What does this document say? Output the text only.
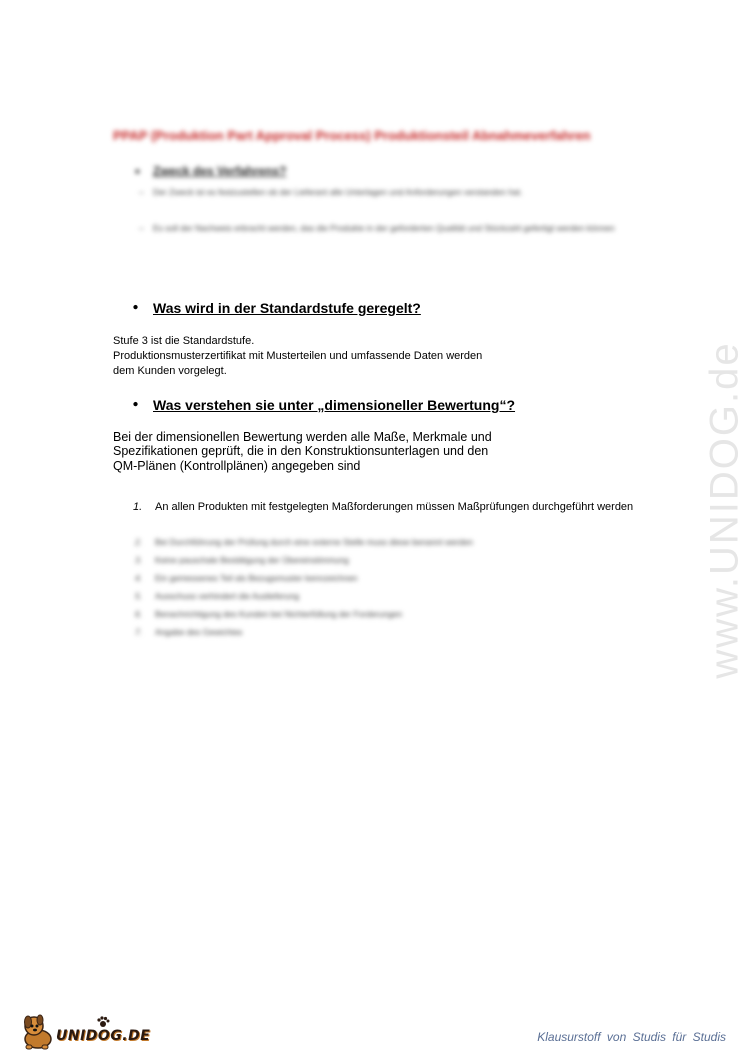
PPAP (Produktion Part Approval Process) Produktionsteil Abnahmeverfahren
• Zweck des Verfahrens?
– Der Zweck ist es festzustellen ob der Lieferant alle Unterlagen und Anforderungen verstanden hat.
– Es soll der Nachweis erbracht werden, das die Produkte in der geforderten Qualität und Stückzahl gefertigt werden können
• Was wird in der Standardstufe geregelt?
Stufe 3 ist die Standardstufe.
Produktionsmusterzertifikat mit Musterteilen und umfassende Daten werden
dem Kunden vorgelegt.
• Was verstehen sie unter „dimensioneller Bewertung“?
Bei der dimensionellen Bewertung werden alle Maße, Merkmale und
Spezifikationen geprüft, die in den Konstruktionsunterlagen und den
QM-Plänen (Kontrollplänen) angegeben sind
1. An allen Produkten mit festgelegten Maßforderungen müssen Maßprüfungen durchgeführt werden
2. Bei Durchführung der Prüfung durch eine externe Stelle muss diese benannt werden
3. Keine pauschale Bestätigung der Übereinstimmung
4. Ein gemessenes Teil als Bezugsmuster kennzeichnen
5. Ausschuss verhindert die Auslieferung
6. Benachrichtigung des Kunden bei Nichterfüllung der Forderungen
7. Angabe des Gewichtes	www.UNIDOG.de
UNIDOG.DE	Klausurstoff von Studis für Studis
